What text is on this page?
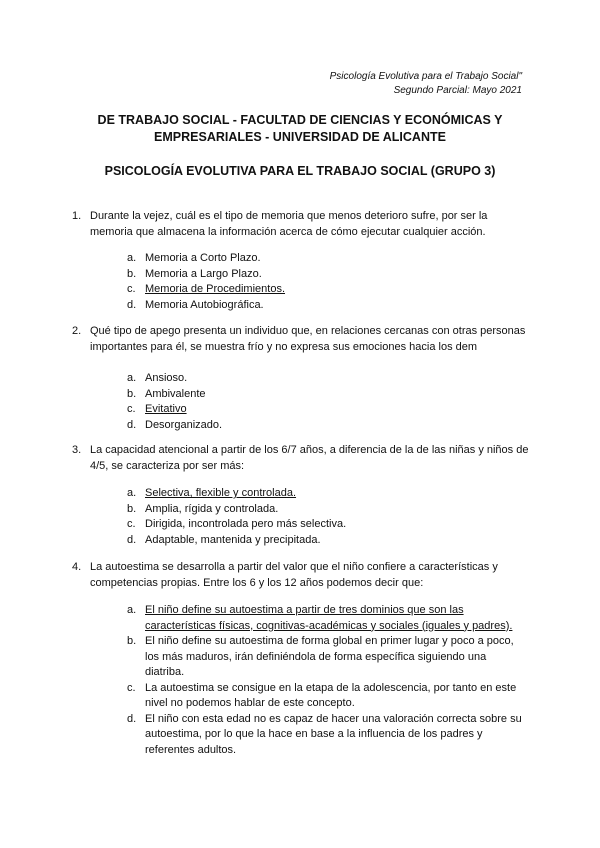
Psicología Evolutiva para el Trabajo Social"
Segundo Parcial: Mayo 2021
DE TRABAJO SOCIAL - FACULTAD DE CIENCIAS Y ECONÓMICAS Y EMPRESARIALES - UNIVERSIDAD DE ALICANTE
PSICOLOGÍA EVOLUTIVA PARA EL TRABAJO SOCIAL (GRUPO 3)
1. Durante la vejez, cuál es el tipo de memoria que menos deterioro sufre, por ser la memoria que almacena la información acerca de cómo ejecutar cualquier acción.
a. Memoria a Corto Plazo.
b. Memoria a Largo Plazo.
c. Memoria de Procedimientos.
d. Memoria Autobiográfica.
2. Qué tipo de apego presenta un individuo que, en relaciones cercanas con otras personas importantes para él, se muestra frío y no expresa sus emociones hacia los dem
a. Ansioso.
b. Ambivalente
c. Evitativo
d. Desorganizado.
3. La capacidad atencional a partir de los 6/7 años, a diferencia de la de las niñas y niños de 4/5, se caracteriza por ser más:
a. Selectiva, flexible y controlada.
b. Amplia, rígida y controlada.
c. Dirigida, incontrolada pero más selectiva.
d. Adaptable, mantenida y precipitada.
4. La autoestima se desarrolla a partir del valor que el niño confiere a características y competencias propias. Entre los 6 y los 12 años podemos decir que:
a. El niño define su autoestima a partir de tres dominios que son las características físicas, cognitivas-académicas y sociales (iguales y padres).
b. El niño define su autoestima de forma global en primer lugar y poco a poco, los más maduros, irán definiéndola de forma específica siguiendo una diatriba.
c. La autoestima se consigue en la etapa de la adolescencia, por tanto en este nivel no podemos hablar de este concepto.
d. El niño con esta edad no es capaz de hacer una valoración correcta sobre su autoestima, por lo que la hace en base a la influencia de los padres y referentes adultos.
